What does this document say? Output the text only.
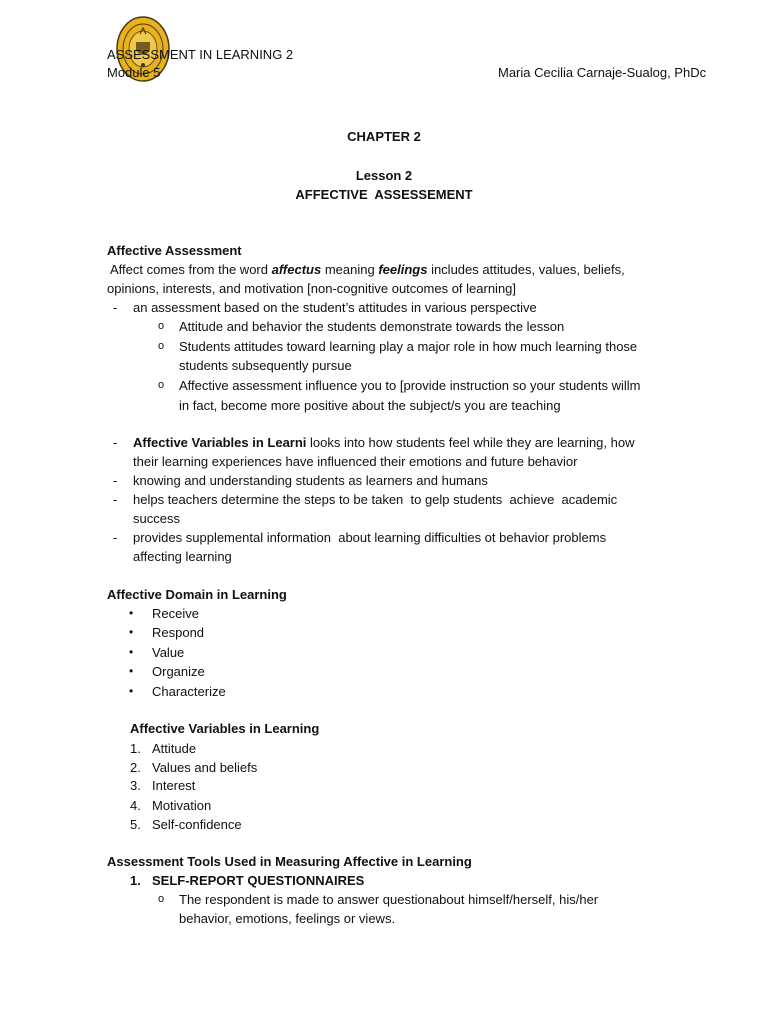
ASSESSMENT IN LEARNING 2
Module 5	Maria Cecilia Carnaje-Sualog, PhDc
CHAPTER 2
Lesson 2
AFFECTIVE  ASSESSEMENT
Affective Assessment
Affect comes from the word affectus meaning feelings includes attitudes, values, beliefs,
opinions, interests, and motivation [non-cognitive outcomes of learning]
- an assessment based on the student’s attitudes in various perspective
o Attitude and behavior the students demonstrate towards the lesson
o Students attitudes toward learning play a major role in how much learning those
students subsequently pursue
o Affective assessment influence you to [provide instruction so your students willm
in fact, become more positive about the subject/s you are teaching
- Affective Variables in Learni looks into how students feel while they are learning, how
their learning experiences have influenced their emotions and future behavior
- knowing and understanding students as learners and humans
- helps teachers determine the steps to be taken  to gelp students  achieve  academic
success
- provides supplemental information  about learning difficulties ot behavior problems
affecting learning
Affective Domain in Learning
• Receive
• Respond
• Value
• Organize
• Characterize
Affective Variables in Learning
1. Attitude
2. Values and beliefs
3. Interest
4. Motivation
5. Self-confidence
Assessment Tools Used in Measuring Affective in Learning
1. SELF-REPORT QUESTIONNAIRES
o The respondent is made to answer questionabout himself/herself, his/her
behavior, emotions, feelings or views.
